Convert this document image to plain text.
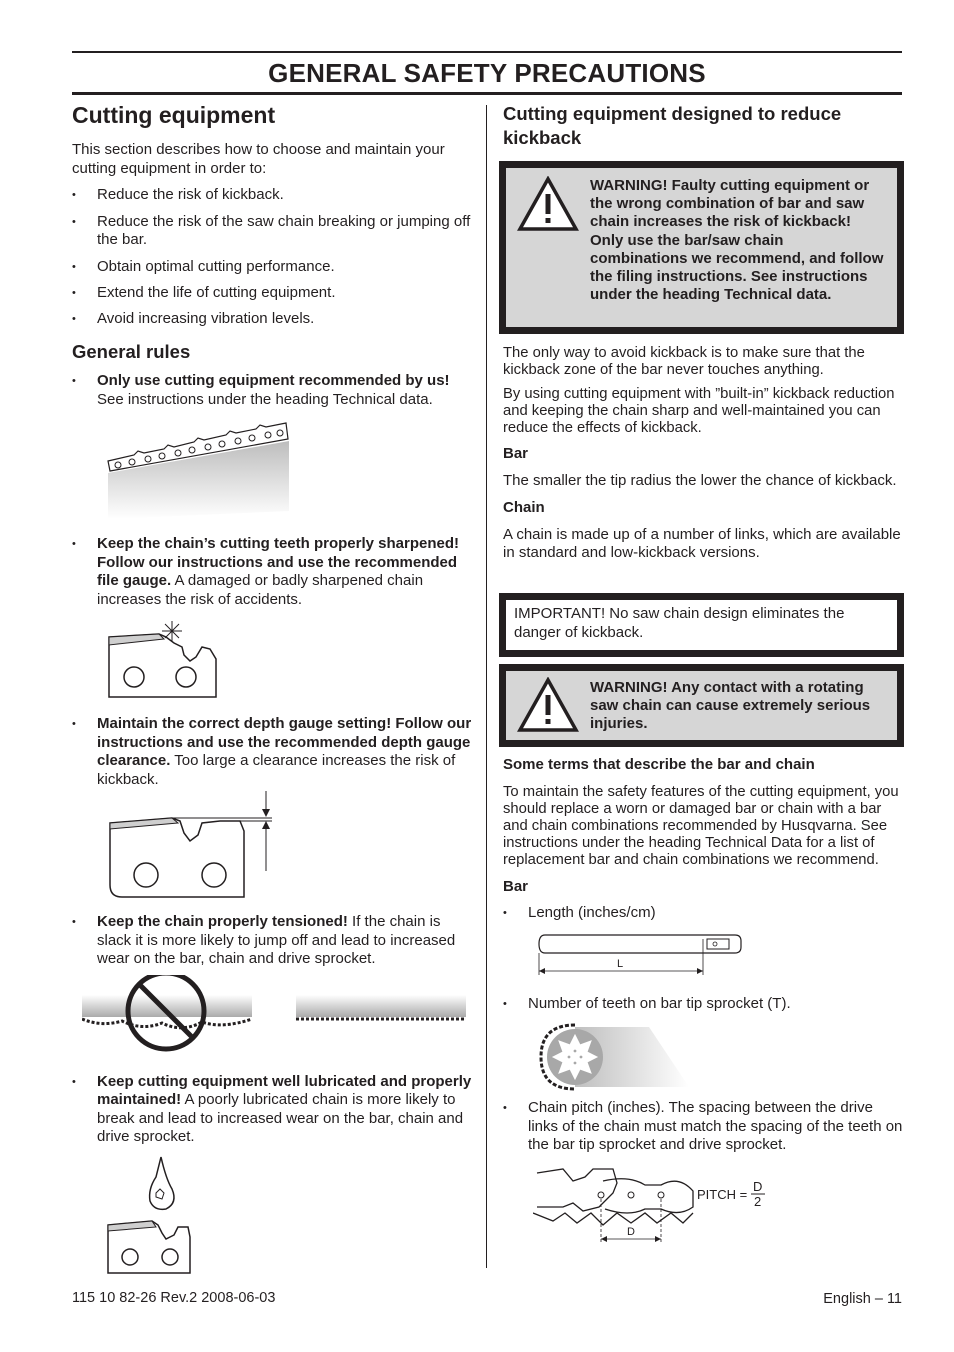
GENERAL SAFETY PRECAUTIONS
Cutting equipment

This section describes how to choose and maintain your cutting equipment in order to:

• Reduce the risk of kickback.
• Reduce the risk of the saw chain breaking or jumping off the bar.
• Obtain optimal cutting performance.
• Extend the life of cutting equipment.
• Avoid increasing vibration levels.
General rules
• Only use cutting equipment recommended by us! See instructions under the heading Technical data.
• Keep the chain’s cutting teeth properly sharpened! Follow our instructions and use the recommended file gauge. A damaged or badly sharpened chain increases the risk of accidents.
• Maintain the correct depth gauge setting! Follow our instructions and use the recommended depth gauge clearance. Too large a clearance increases the risk of kickback.
• Keep the chain properly tensioned! If the chain is slack it is more likely to jump off and lead to increased wear on the bar, chain and drive sprocket.
• Keep cutting equipment well lubricated and properly maintained! A poorly lubricated chain is more likely to break and lead to increased wear on the bar, chain and drive sprocket.
Cutting equipment designed to reduce kickback
WARNING! Faulty cutting equipment or the wrong combination of bar and saw chain increases the risk of kickback! Only use the bar/saw chain combinations we recommend, and follow the filing instructions. See instructions under the heading Technical data.

The only way to avoid kickback is to make sure that the kickback zone of the bar never touches anything.

By using cutting equipment with ”built-in” kickback reduction and keeping the chain sharp and well-maintained you can reduce the effects of kickback.

Bar

The smaller the tip radius the lower the chance of kickback.

Chain

A chain is made up of a number of links, which are available in standard and low-kickback versions.

IMPORTANT! No saw chain design eliminates the danger of kickback.
WARNING! Any contact with a rotating saw chain can cause extremely serious injuries.

Some terms that describe the bar and chain

To maintain the safety features of the cutting equipment, you should replace a worn or damaged bar or chain with a bar and chain combinations recommended by Husqvarna. See instructions under the heading Technical Data for a list of replacement bar and chain combinations we recommend.

Bar

• Length (inches/cm)
L
• Number of teeth on bar tip sprocket (T).
• Chain pitch (inches). The spacing between the drive links of the chain must match the spacing of the teeth on the bar tip sprocket and drive sprocket.
D
PITCH =
D
2
115 10 82-26 Rev.2 2008-06-03	English – 11
